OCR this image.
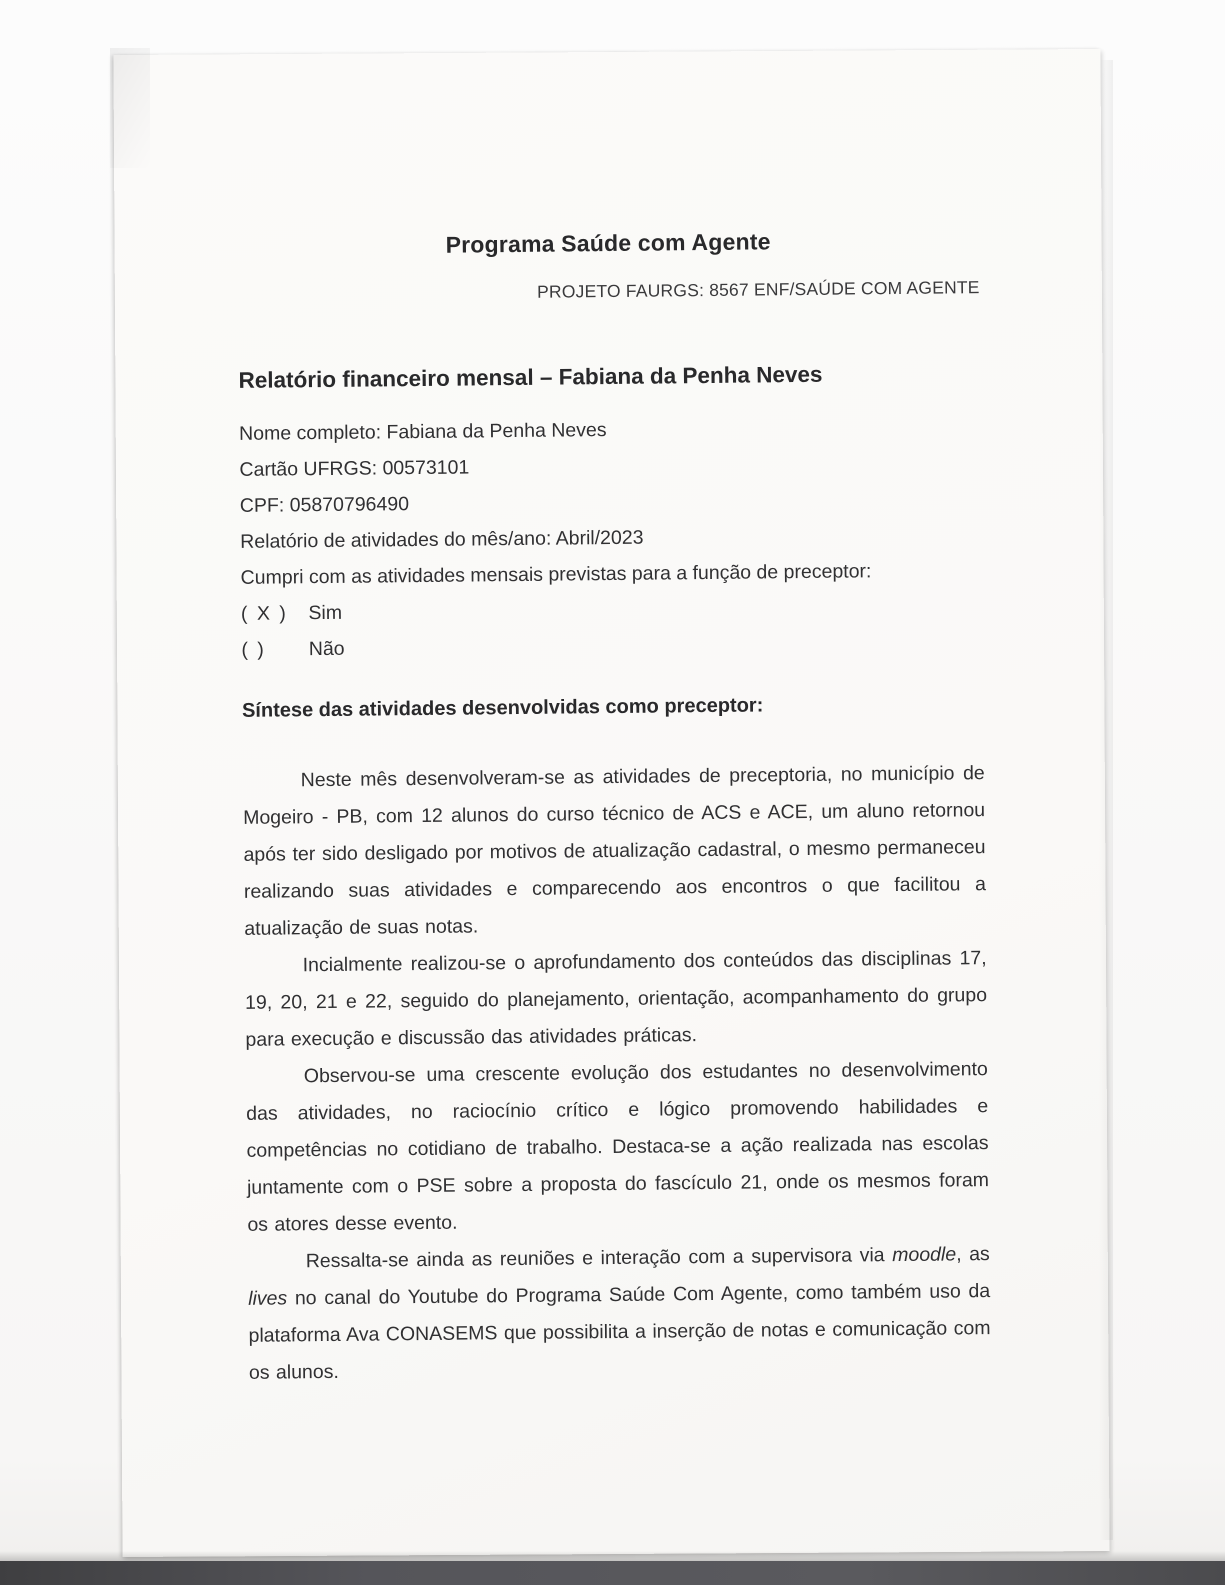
Programa Saúde com Agente
PROJETO FAURGS: 8567 ENF/SAÚDE COM AGENTE
Relatório financeiro mensal – Fabiana da Penha Neves
Nome completo: Fabiana da Penha Neves
Cartão UFRGS: 00573101
CPF: 05870796490
Relatório de atividades do mês/ano: Abril/2023
Cumpri com as atividades mensais previstas para a função de preceptor:
( X ) Sim
( ) Não
Síntese das atividades desenvolvidas como preceptor:

Neste mês desenvolveram-se as atividades de preceptoria, no município de Mogeiro - PB, com 12 alunos do curso técnico de ACS e ACE, um aluno retornou após ter sido desligado por motivos de atualização cadastral, o mesmo permaneceu realizando suas atividades e comparecendo aos encontros o que facilitou a atualização de suas notas.

Incialmente realizou-se o aprofundamento dos conteúdos das disciplinas 17, 19, 20, 21 e 22, seguido do planejamento, orientação, acompanhamento do grupo para execução e discussão das atividades práticas.

Observou-se uma crescente evolução dos estudantes no desenvolvimento das atividades, no raciocínio crítico e lógico promovendo habilidades e competências no cotidiano de trabalho. Destaca-se a ação realizada nas escolas juntamente com o PSE sobre a proposta do fascículo 21, onde os mesmos foram os atores desse evento.

Ressalta-se ainda as reuniões e interação com a supervisora via moodle, as lives no canal do Youtube do Programa Saúde Com Agente, como também uso da plataforma Ava CONASEMS que possibilita a inserção de notas e comunicação com os alunos.
